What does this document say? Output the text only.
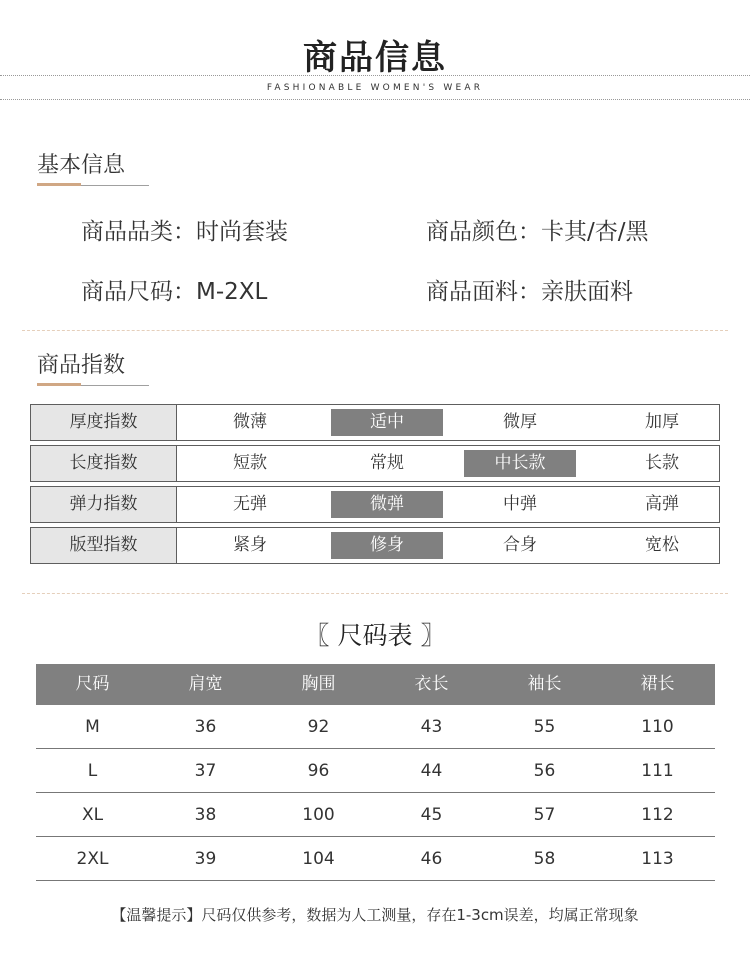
商品信息
FASHIONABLE WOMEN'S WEAR
基本信息
商品品类：时尚套装	商品颜色：卡其/杏/黑
商品尺码：M-2XL	商品面料：亲肤面料
商品指数
厚度指数	微薄	适中	微厚	加厚
长度指数	短款	常规	中长款	长款
弹力指数	无弹	微弹	中弹	高弹
版型指数	紧身	修身	合身	宽松
〖 尺码表 〗
尺码	肩宽	胸围	衣长	袖长	裙长
M	36	92	43	55	110
L	37	96	44	56	111
XL	38	100	45	57	112
2XL	39	104	46	58	113
【温馨提示】尺码仅供参考，数据为人工测量，存在1-3cm误差，均属正常现象
